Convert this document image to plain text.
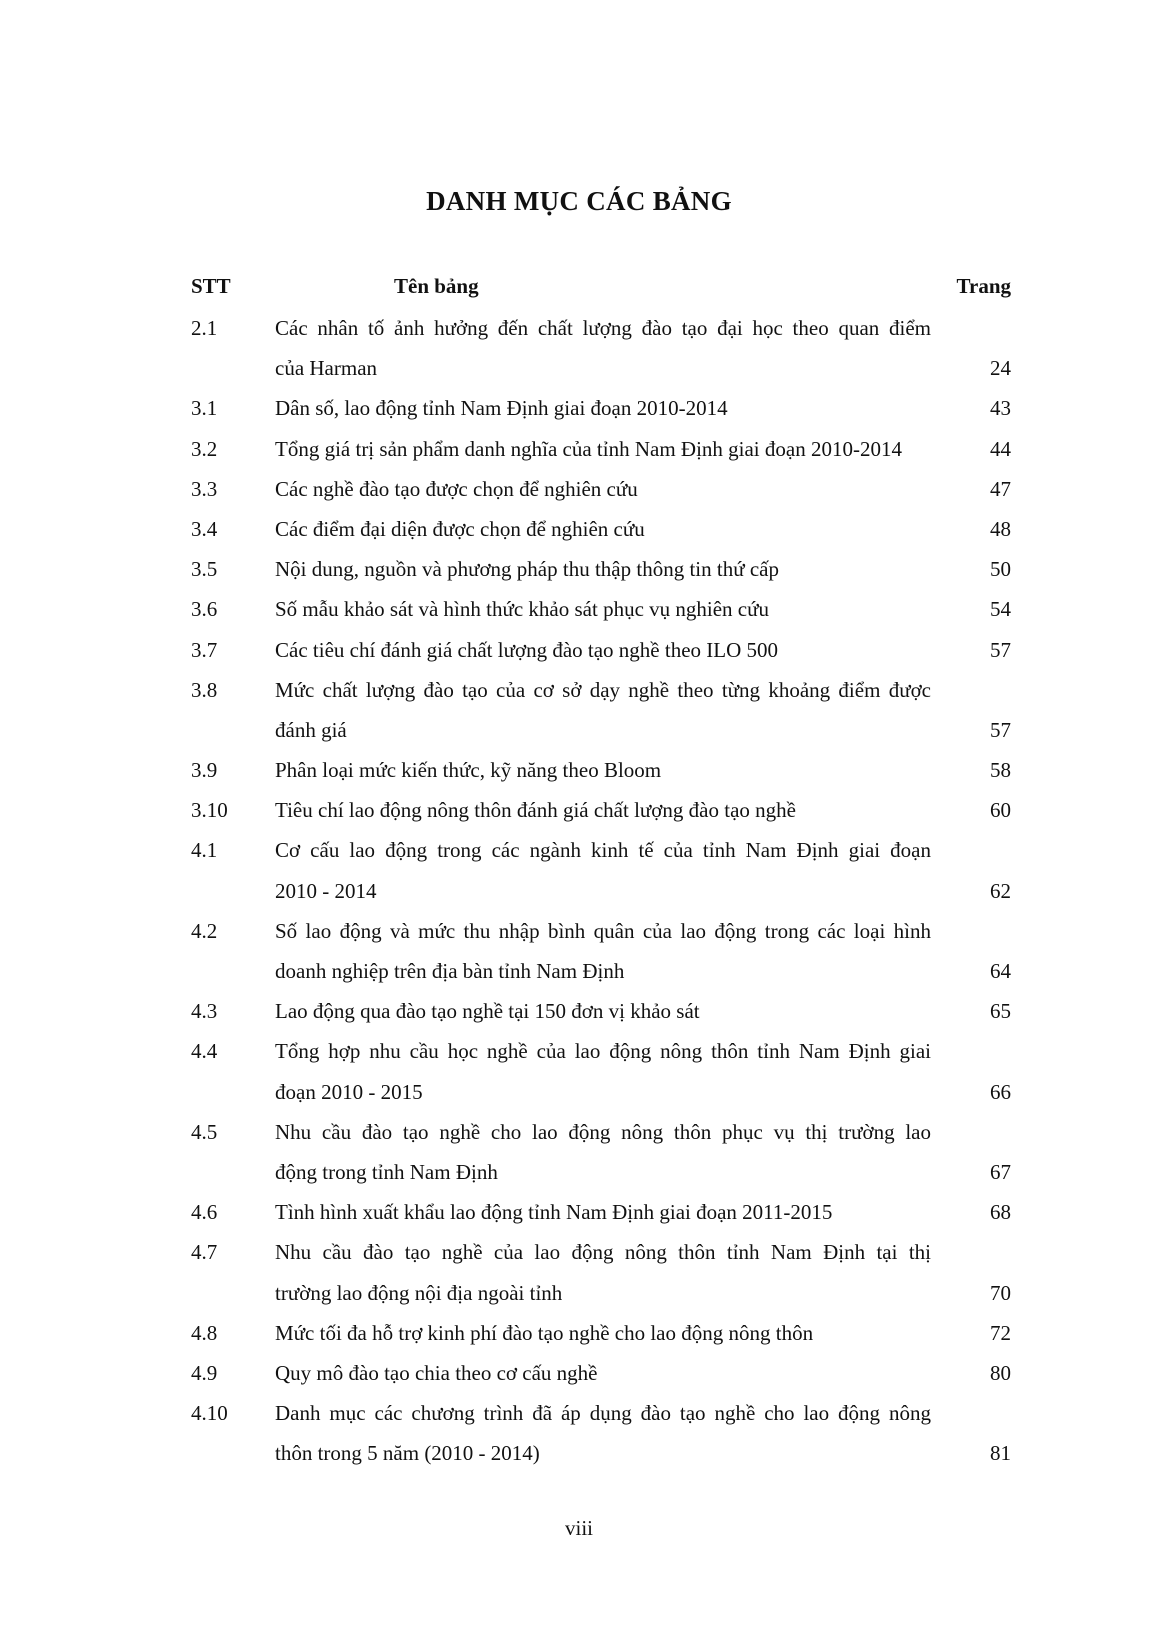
DANH MỤC CÁC BẢNG
STT	Tên bảng	Trang
2.1	Các nhân tố ảnh hưởng đến chất lượng đào tạo đại học theo quan điểm
của Harman	24
3.1	Dân số, lao động tỉnh Nam Định giai đoạn 2010-2014	43
3.2	Tổng giá trị sản phẩm danh nghĩa của tỉnh Nam Định giai đoạn 2010-2014	44
3.3	Các nghề đào tạo được chọn để nghiên cứu	47
3.4	Các điểm đại diện được chọn để nghiên cứu	48
3.5	Nội dung, nguồn và phương pháp thu thập thông tin thứ cấp	50
3.6	Số mẫu khảo sát và hình thức khảo sát phục vụ nghiên cứu	54
3.7	Các tiêu chí đánh giá chất lượng đào tạo nghề theo ILO 500	57
3.8	Mức chất lượng đào tạo của cơ sở dạy nghề theo từng khoảng điểm được
đánh giá	57
3.9	Phân loại mức kiến thức, kỹ năng theo Bloom	58
3.10 Tiêu chí lao động nông thôn đánh giá chất lượng đào tạo nghề	60
4.1	Cơ cấu lao động trong các ngành kinh tế của tỉnh Nam Định giai đoạn
2010 - 2014	62
4.2	Số lao động và mức thu nhập bình quân của lao động trong các loại hình
doanh nghiệp trên địa bàn tỉnh Nam Định	64
4.3	Lao động qua đào tạo nghề tại 150 đơn vị khảo sát	65
4.4	Tổng hợp nhu cầu học nghề của lao động nông thôn tỉnh Nam Định giai
đoạn 2010 - 2015	66
4.5	Nhu cầu đào tạo nghề cho lao động nông thôn phục vụ thị trường lao
động trong tỉnh Nam Định	67
4.6	Tình hình xuất khẩu lao động tỉnh Nam Định giai đoạn 2011-2015	68
4.7	Nhu cầu đào tạo nghề của lao động nông thôn tỉnh Nam Định tại thị
trường lao động nội địa ngoài tỉnh	70
4.8	Mức tối đa hỗ trợ kinh phí đào tạo nghề cho lao động nông thôn	72
4.9	Quy mô đào tạo chia theo cơ cấu nghề	80
4.10 Danh mục các chương trình đã áp dụng đào tạo nghề cho lao động nông
thôn trong 5 năm (2010 - 2014)	81
viii
